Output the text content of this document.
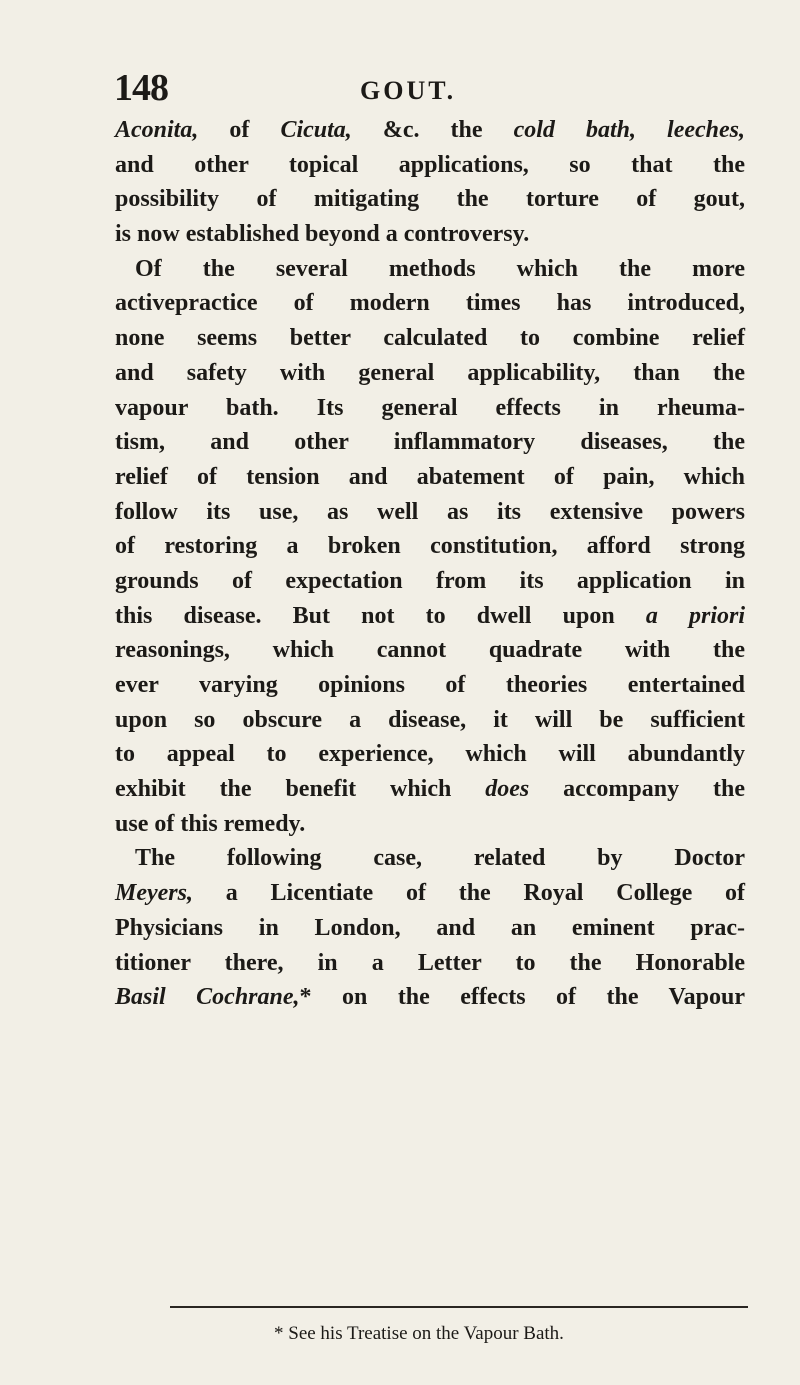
148	GOUT.
Aconita, of Cicuta, &c. the cold bath, leeches,
and other topical applications, so that the
possibility of mitigating the torture of gout,
is now established beyond a controversy.
Of the several methods which the more
activepractice of modern times has introduced,
none seems better calculated to combine relief
and safety with general applicability, than the
vapour bath. Its general effects in rheuma-
tism, and other inflammatory diseases, the
relief of tension and abatement of pain, which
follow its use, as well as its extensive powers
of restoring a broken constitution, afford strong
grounds of expectation from its application in
this disease. But not to dwell upon a priori
reasonings, which cannot quadrate with the
ever varying opinions of theories entertained
upon so obscure a disease, it will be sufficient
to appeal to experience, which will abundantly
exhibit the benefit which does accompany the
use of this remedy.
The following case, related by Doctor
Meyers, a Licentiate of the Royal College of
Physicians in London, and an eminent prac-
titioner there, in a Letter to the Honorable
Basil Cochrane,* on the effects of the Vapour
* See his Treatise on the Vapour Bath.
